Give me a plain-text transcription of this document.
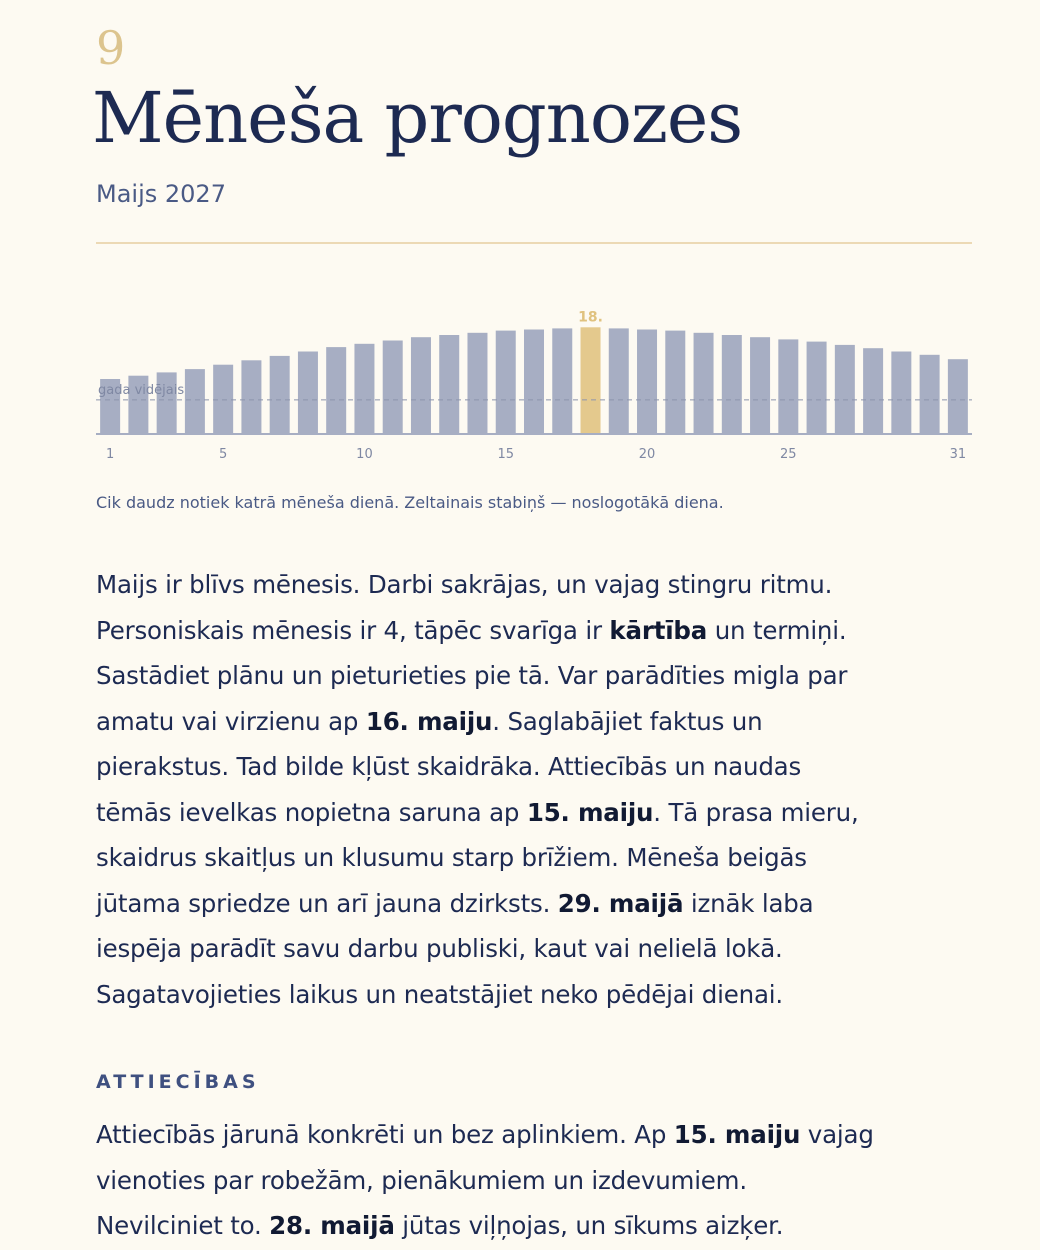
9
Mēneša prognozes
Maijs 2027
gada vidējais
18.
1	5	10	15	20	25	31
Cik daudz notiek katrā mēneša dienā. Zeltainais stabiņš — noslogotākā diena.
Maijs ir blīvs mēnesis. Darbi sakrājas, un vajag stingru ritmu.
Personiskais mēnesis ir 4, tāpēc svarīga ir kārtība un termiņi.
Sastādiet plānu un pieturieties pie tā. Var parādīties migla par
amatu vai virzienu ap 16. maiju. Saglabājiet faktus un
pierakstus. Tad bilde kļūst skaidrāka. Attiecībās un naudas
tēmās ievelkas nopietna saruna ap 15. maiju. Tā prasa mieru,
skaidrus skaitļus un klusumu starp brīžiem. Mēneša beigās
jūtama spriedze un arī jauna dzirksts. 29. maijā iznāk laba
iespēja parādīt savu darbu publiski, kaut vai nelielā lokā.
Sagatavojieties laikus un neatstājiet neko pēdējai dienai.
ATTIECĪBAS
Attiecībās jārunā konkrēti un bez aplinkiem. Ap 15. maiju vajag
vienoties par robežām, pienākumiem un izdevumiem.
Nevilciniet to. 28. maijā jūtas viļņojas, un sīkums aizķer.
